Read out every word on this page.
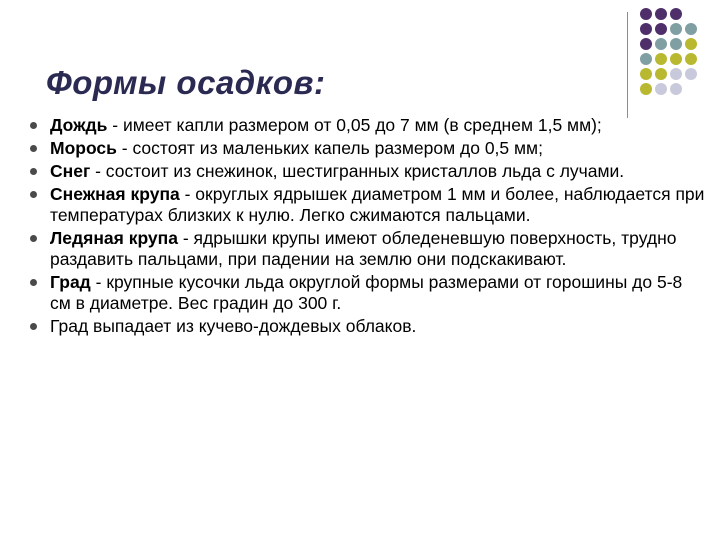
Формы осадков:
Дождь - имеет капли размером от 0,05 до 7 мм (в среднем 1,5 мм);
Морось - состоят из маленьких капель размером до 0,5 мм;
Снег - состоит из снежинок, шестигранных кристаллов льда с лучами.
Снежная крупа - округлых ядрышек диаметром 1 мм и более, наблюдается при температурах близких к нулю. Легко сжимаются пальцами.
Ледяная крупа - ядрышки крупы имеют обледеневшую поверхность, трудно раздавить пальцами, при падении на землю они подскакивают.
Град - крупные кусочки льда округлой формы размерами от горошины до 5-8 см в диаметре. Вес градин до 300 г.
Град выпадает из кучево-дождевых облаков.
